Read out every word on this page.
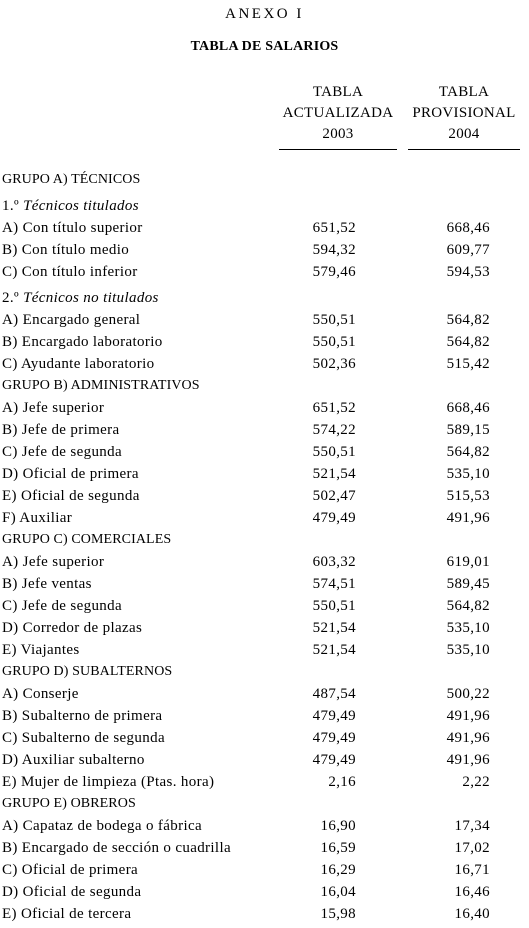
ANEXO I
TABLA DE SALARIOS
TABLA
ACTUALIZADA
2003
TABLA
PROVISIONAL
2004
GRUPO A) TÉCNICOS
1.º Técnicos titulados
A) Con título superior	651,52	668,46
B) Con título medio	594,32	609,77
C) Con título inferior	579,46	594,53
2.º Técnicos no titulados
A) Encargado general	550,51	564,82
B) Encargado laboratorio	550,51	564,82
C) Ayudante laboratorio	502,36	515,42
GRUPO B) ADMINISTRATIVOS
A) Jefe superior	651,52	668,46
B) Jefe de primera	574,22	589,15
C) Jefe de segunda	550,51	564,82
D) Oficial de primera	521,54	535,10
E) Oficial de segunda	502,47	515,53
F) Auxiliar	479,49	491,96
GRUPO C) COMERCIALES
A) Jefe superior	603,32	619,01
B) Jefe ventas	574,51	589,45
C) Jefe de segunda	550,51	564,82
D) Corredor de plazas	521,54	535,10
E) Viajantes	521,54	535,10
GRUPO D) SUBALTERNOS
A) Conserje	487,54	500,22
B) Subalterno de primera	479,49	491,96
C) Subalterno de segunda	479,49	491,96
D) Auxiliar subalterno	479,49	491,96
E) Mujer de limpieza (Ptas. hora)	2,16	2,22
GRUPO E) OBREROS
A) Capataz de bodega o fábrica	16,90	17,34
B) Encargado de sección o cuadrilla	16,59	17,02
C) Oficial de primera	16,29	16,71
D) Oficial de segunda	16,04	16,46
E) Oficial de tercera	15,98	16,40
